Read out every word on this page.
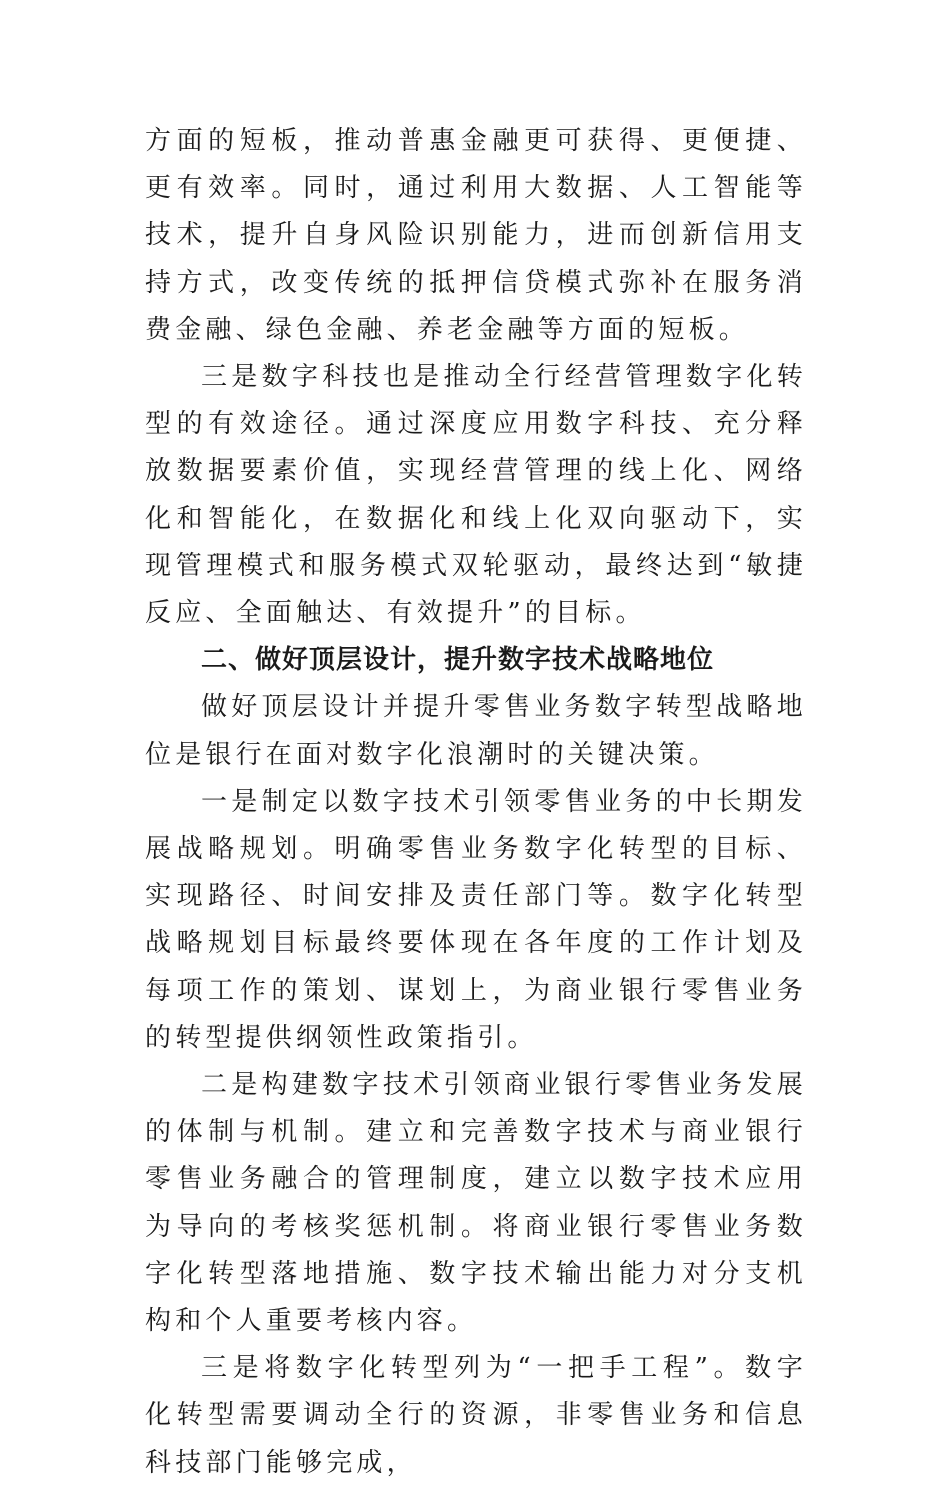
方面的短板，推动普惠金融更可获得、更便捷、更有效率。同时，通过利用大数据、人工智能等技术，提升自身风险识别能力，进而创新信用支持方式，改变传统的抵押信贷模式弥补在服务消费金融、绿色金融、养老金融等方面的短板。

三是数字科技也是推动全行经营管理数字化转型的有效途径。通过深度应用数字科技、充分释放数据要素价值，实现经营管理的线上化、网络化和智能化，在数据化和线上化双向驱动下，实现管理模式和服务模式双轮驱动，最终达到“敏捷反应、全面触达、有效提升”的目标。

二、做好顶层设计，提升数字技术战略地位

做好顶层设计并提升零售业务数字转型战略地位是银行在面对数字化浪潮时的关键决策。

一是制定以数字技术引领零售业务的中长期发展战略规划。明确零售业务数字化转型的目标、实现路径、时间安排及责任部门等。数字化转型战略规划目标最终要体现在各年度的工作计划及每项工作的策划、谋划上，为商业银行零售业务的转型提供纲领性政策指引。

二是构建数字技术引领商业银行零售业务发展的体制与机制。建立和完善数字技术与商业银行零售业务融合的管理制度，建立以数字技术应用为导向的考核奖惩机制。将商业银行零售业务数字化转型落地措施、数字技术输出能力对分支机构和个人重要考核内容。

三是将数字化转型列为“一把手工程”。数字化转型需要调动全行的资源，非零售业务和信息科技部门能够完成，
